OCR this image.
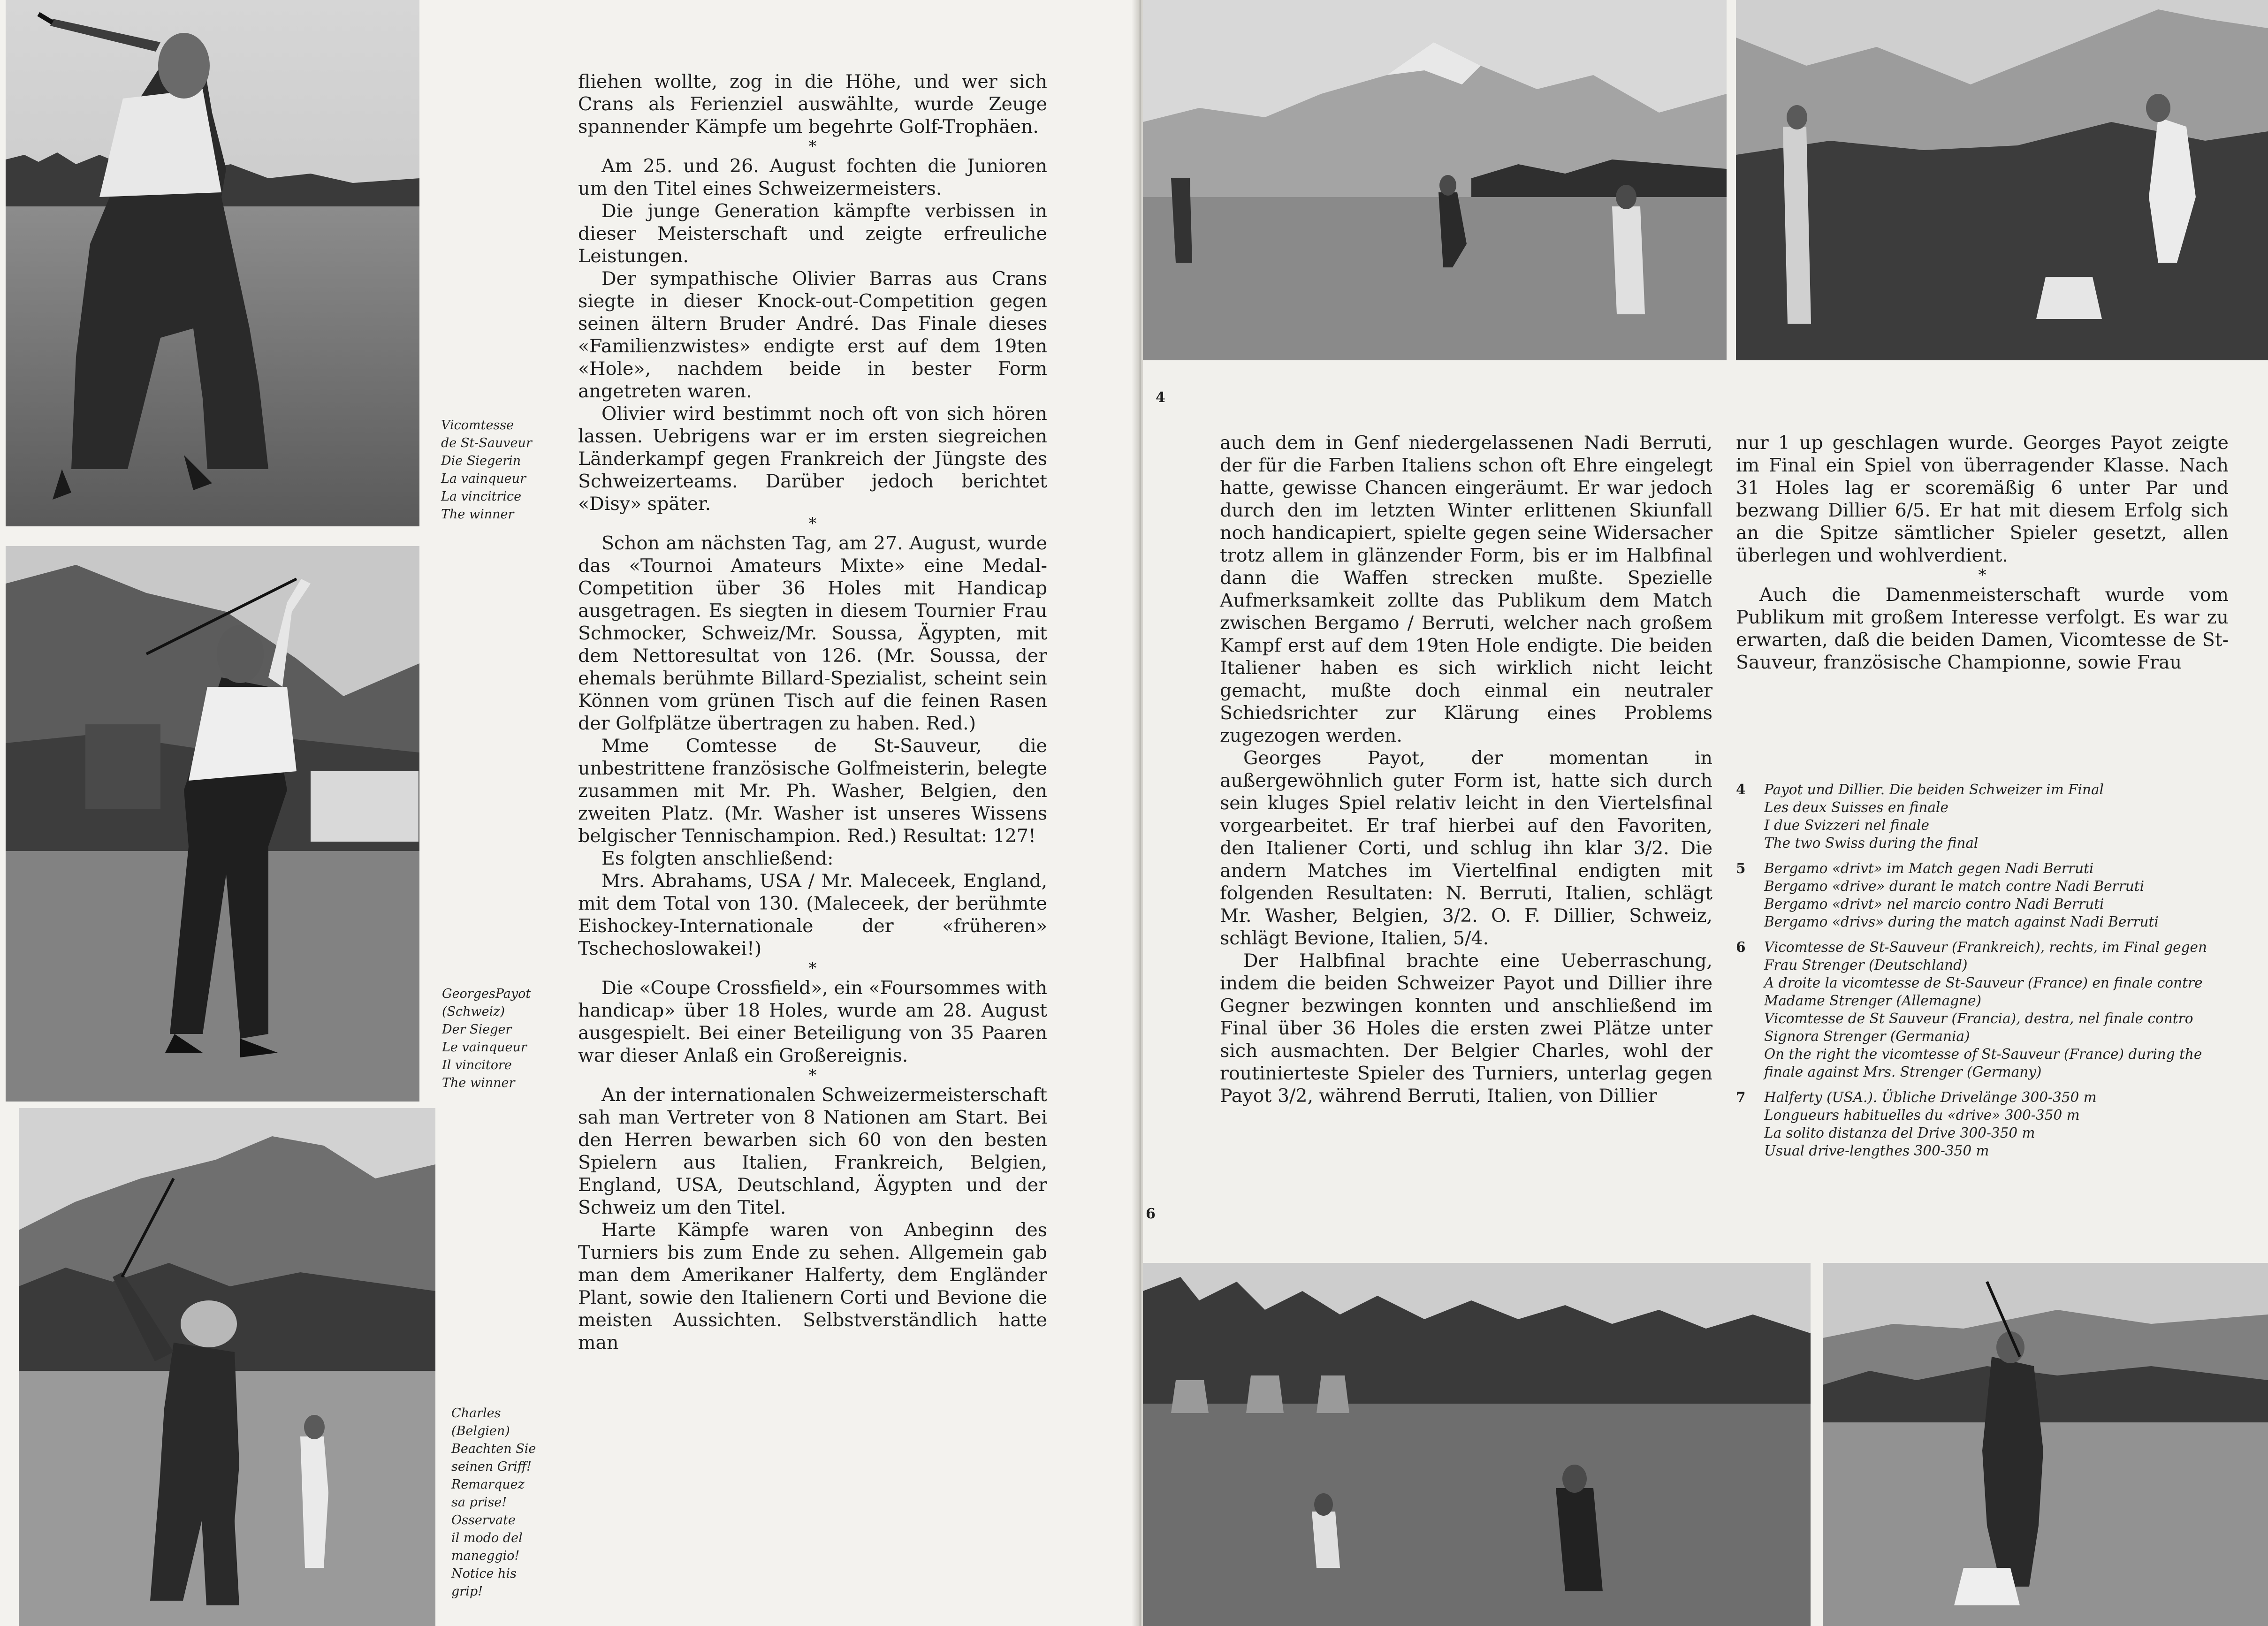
Vicomtesse
de St-Sauveur
Die Siegerin
La vainqueur
La vincitrice
The winner
GeorgesPayot
(Schweiz)
Der Sieger
Le vainqueur
Il vincitore
The winner
Charles
(Belgien)
Beachten Sie
seinen Griff!
Remarquez
sa prise!
Osservate
il modo del
maneggio!
Notice his
grip!

fliehen wollte, zog in die Höhe, und wer sich Crans als Ferienziel auswählte, wurde Zeuge spannender Kämpfe um begehrte Golf-Trophäen.

*

Am 25. und 26. August fochten die Junioren um den Titel eines Schweizermeisters.

Die junge Generation kämpfte verbissen in dieser Meisterschaft und zeigte erfreuliche Leistungen.

Der sympathische Olivier Barras aus Crans siegte in dieser Knock-out-Competition gegen seinen ältern Bruder André. Das Finale dieses «Familienzwistes» endigte erst auf dem 19ten «Hole», nachdem beide in bester Form angetreten waren.

Olivier wird bestimmt noch oft von sich hören lassen. Uebrigens war er im ersten siegreichen Länderkampf gegen Frankreich der Jüngste des Schweizerteams. Darüber jedoch berichtet «Disy» später.

*

Schon am nächsten Tag, am 27. August, wurde das «Tournoi Amateurs Mixte» eine Medal-Competition über 36 Holes mit Handicap ausgetragen. Es siegten in diesem Tournier Frau Schmocker, Schweiz/Mr. Soussa, Ägypten, mit dem Nettoresultat von 126. (Mr. Soussa, der ehemals berühmte Billard-Spezialist, scheint sein Können vom grünen Tisch auf die feinen Rasen der Golfplätze übertragen zu haben. Red.)

Mme Comtesse de St-Sauveur, die unbestrittene französische Golfmeisterin, belegte zusammen mit Mr. Ph. Washer, Belgien, den zweiten Platz. (Mr. Washer ist unseres Wissens belgischer Tennischampion. Red.) Resultat: 127!

Es folgten anschließend:

Mrs. Abrahams, USA / Mr. Maleceek, England, mit dem Total von 130. (Maleceek, der berühmte Eishockey-Internationale der «früheren» Tschechoslowakei!)

*

Die «Coupe Crossfield», ein «Foursommes with handicap» über 18 Holes, wurde am 28. August ausgespielt. Bei einer Beteiligung von 35 Paaren war dieser Anlaß ein Großereignis.

*

An der internationalen Schweizermeisterschaft sah man Vertreter von 8 Nationen am Start. Bei den Herren bewarben sich 60 von den besten Spielern aus Italien, Frankreich, Belgien, England, USA, Deutschland, Ägypten und der Schweiz um den Titel.

Harte Kämpfe waren von Anbeginn des Turniers bis zum Ende zu sehen. Allgemein gab man dem Amerikaner Halferty, dem Engländer Plant, sowie den Italienern Corti und Bevione die meisten Aussichten. Selbstverständlich hatte man

4
6

auch dem in Genf niedergelassenen Nadi Berruti, der für die Farben Italiens schon oft Ehre eingelegt hatte, gewisse Chancen eingeräumt. Er war jedoch durch den im letzten Winter erlittenen Skiunfall noch handicapiert, spielte gegen seine Widersacher trotz allem in glänzender Form, bis er im Halbfinal dann die Waffen strecken mußte. Spezielle Aufmerksamkeit zollte das Publikum dem Match zwischen Bergamo / Berruti, welcher nach großem Kampf erst auf dem 19ten Hole endigte. Die beiden Italiener haben es sich wirklich nicht leicht gemacht, mußte doch einmal ein neutraler Schiedsrichter zur Klärung eines Problems zugezogen werden.

Georges Payot, der momentan in außergewöhnlich guter Form ist, hatte sich durch sein kluges Spiel relativ leicht in den Viertelsfinal vorgearbeitet. Er traf hierbei auf den Favoriten, den Italiener Corti, und schlug ihn klar 3/2. Die andern Matches im Viertelfinal endigten mit folgenden Resultaten: N. Berruti, Italien, schlägt Mr. Washer, Belgien, 3/2. O. F. Dillier, Schweiz, schlägt Bevione, Italien, 5/4.

Der Halbfinal brachte eine Ueberraschung, indem die beiden Schweizer Payot und Dillier ihre Gegner bezwingen konnten und anschließend im Final über 36 Holes die ersten zwei Plätze unter sich ausmachten. Der Belgier Charles, wohl der routinierteste Spieler des Turniers, unterlag gegen Payot 3/2, während Berruti, Italien, von Dillier

nur 1 up geschlagen wurde. Georges Payot zeigte im Final ein Spiel von überragender Klasse. Nach 31 Holes lag er scoremäßig 6 unter Par und bezwang Dillier 6/5. Er hat mit diesem Erfolg sich an die Spitze sämtlicher Spieler gesetzt, allen überlegen und wohlverdient.

*

Auch die Damenmeisterschaft wurde vom Publikum mit großem Interesse verfolgt. Es war zu erwarten, daß die beiden Damen, Vicomtesse de St-Sauveur, französische Championne, sowie Frau

4 Payot und Dillier. Die beiden Schweizer im Final
Les deux Suisses en finale
I due Svizzeri nel finale
The two Swiss during the final
5 Bergamo «drivt» im Match gegen Nadi Berruti
Bergamo «drive» durant le match contre Nadi Berruti
Bergamo «drivt» nel marcio contro Nadi Berruti
Bergamo «drivs» during the match against Nadi Berruti
6 Vicomtesse de St-Sauveur (Frankreich), rechts, im Final gegen
Frau Strenger (Deutschland)
A droite la vicomtesse de St-Sauveur (France) en finale contre
Madame Strenger (Allemagne)
Vicomtesse de St Sauveur (Francia), destra, nel finale contro
Signora Strenger (Germania)
On the right the vicomtesse of St-Sauveur (France) during the
finale against Mrs. Strenger (Germany)
7 Halferty (USA.). Übliche Drivelänge 300-350 m
Longueurs habituelles du «drive» 300-350 m
La solito distanza del Drive 300-350 m
Usual drive-lengthes 300-350 m
